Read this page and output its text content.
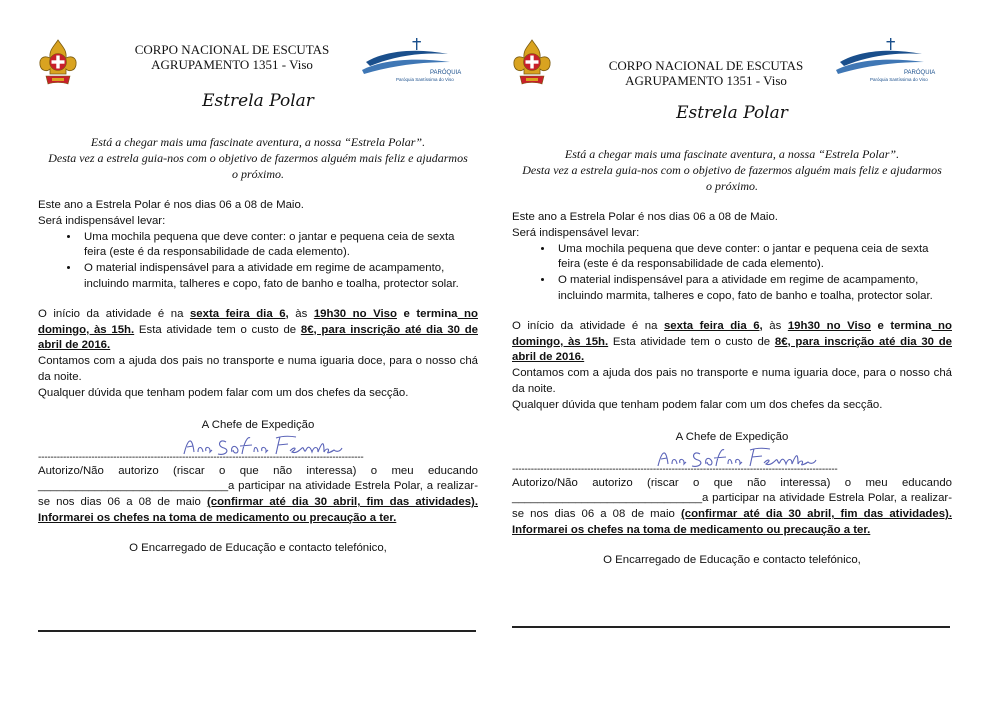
CORPO NACIONAL DE ESCUTAS
AGRUPAMENTO 1351 - Viso
PARÓQUIA
Paróquia Santíssima do Viso
Estrela Polar
Está a chegar mais uma fascinate aventura, a nossa “Estrela Polar”.
Desta vez a estrela guia-nos com o objetivo de fazermos alguém mais feliz e ajudarmos
o próximo.
Este ano a Estrela Polar é nos dias 06 a 08 de Maio.
Será indispensável levar:
• Uma mochila pequena que deve conter: o jantar e pequena ceia de sexta feira (este é da responsabilidade de cada elemento).
• O material indispensável para a atividade em regime de acampamento, incluindo marmita, talheres e copo, fato de banho e toalha, protector solar.
O início da atividade é na sexta feira dia 6, às 19h30 no Viso e termina no domingo, às 15h. Esta atividade tem o custo de 8€, para inscrição até dia 30 de abril de 2016.
Contamos com a ajuda dos pais no transporte e numa iguaria doce, para o nosso chá da noite.
Qualquer dúvida que tenham podem falar com um dos chefes da secção.
A Chefe de Expedição
--------------------------------------------------------------------------------------------------------
Autorizo/Não autorizo (riscar o que não interessa) o meu educando ______________________________a participar na atividade Estrela Polar, a realizar-se nos dias 06 a 08 de maio (confirmar até dia 30 abril, fim das atividades). Informarei os chefes na toma de medicamento ou precaução a ter.
O Encarregado de Educação e contacto telefónico,
CORPO NACIONAL DE ESCUTAS
AGRUPAMENTO 1351 - Viso	PARÓQUIA
Paróquia Santíssima do Viso
Estrela Polar
Está a chegar mais uma fascinate aventura, a nossa “Estrela Polar”.
Desta vez a estrela guia-nos com o objetivo de fazermos alguém mais feliz e ajudarmos
o próximo.
Este ano a Estrela Polar é nos dias 06 a 08 de Maio.
Será indispensável levar:
• Uma mochila pequena que deve conter: o jantar e pequena ceia de sexta feira (este é da responsabilidade de cada elemento).
• O material indispensável para a atividade em regime de acampamento, incluindo marmita, talheres e copo, fato de banho e toalha, protector solar.
O início da atividade é na sexta feira dia 6, às 19h30 no Viso e termina no domingo, às 15h. Esta atividade tem o custo de 8€, para inscrição até dia 30 de abril de 2016.
Contamos com a ajuda dos pais no transporte e numa iguaria doce, para o nosso chá da noite.
Qualquer dúvida que tenham podem falar com um dos chefes da secção.
A Chefe de Expedição
--------------------------------------------------------------------------------------------------------
Autorizo/Não autorizo (riscar o que não interessa) o meu educando ______________________________a participar na atividade Estrela Polar, a realizar-se nos dias 06 a 08 de maio (confirmar até dia 30 abril, fim das atividades). Informarei os chefes na toma de medicamento ou precaução a ter.
O Encarregado de Educação e contacto telefónico,
